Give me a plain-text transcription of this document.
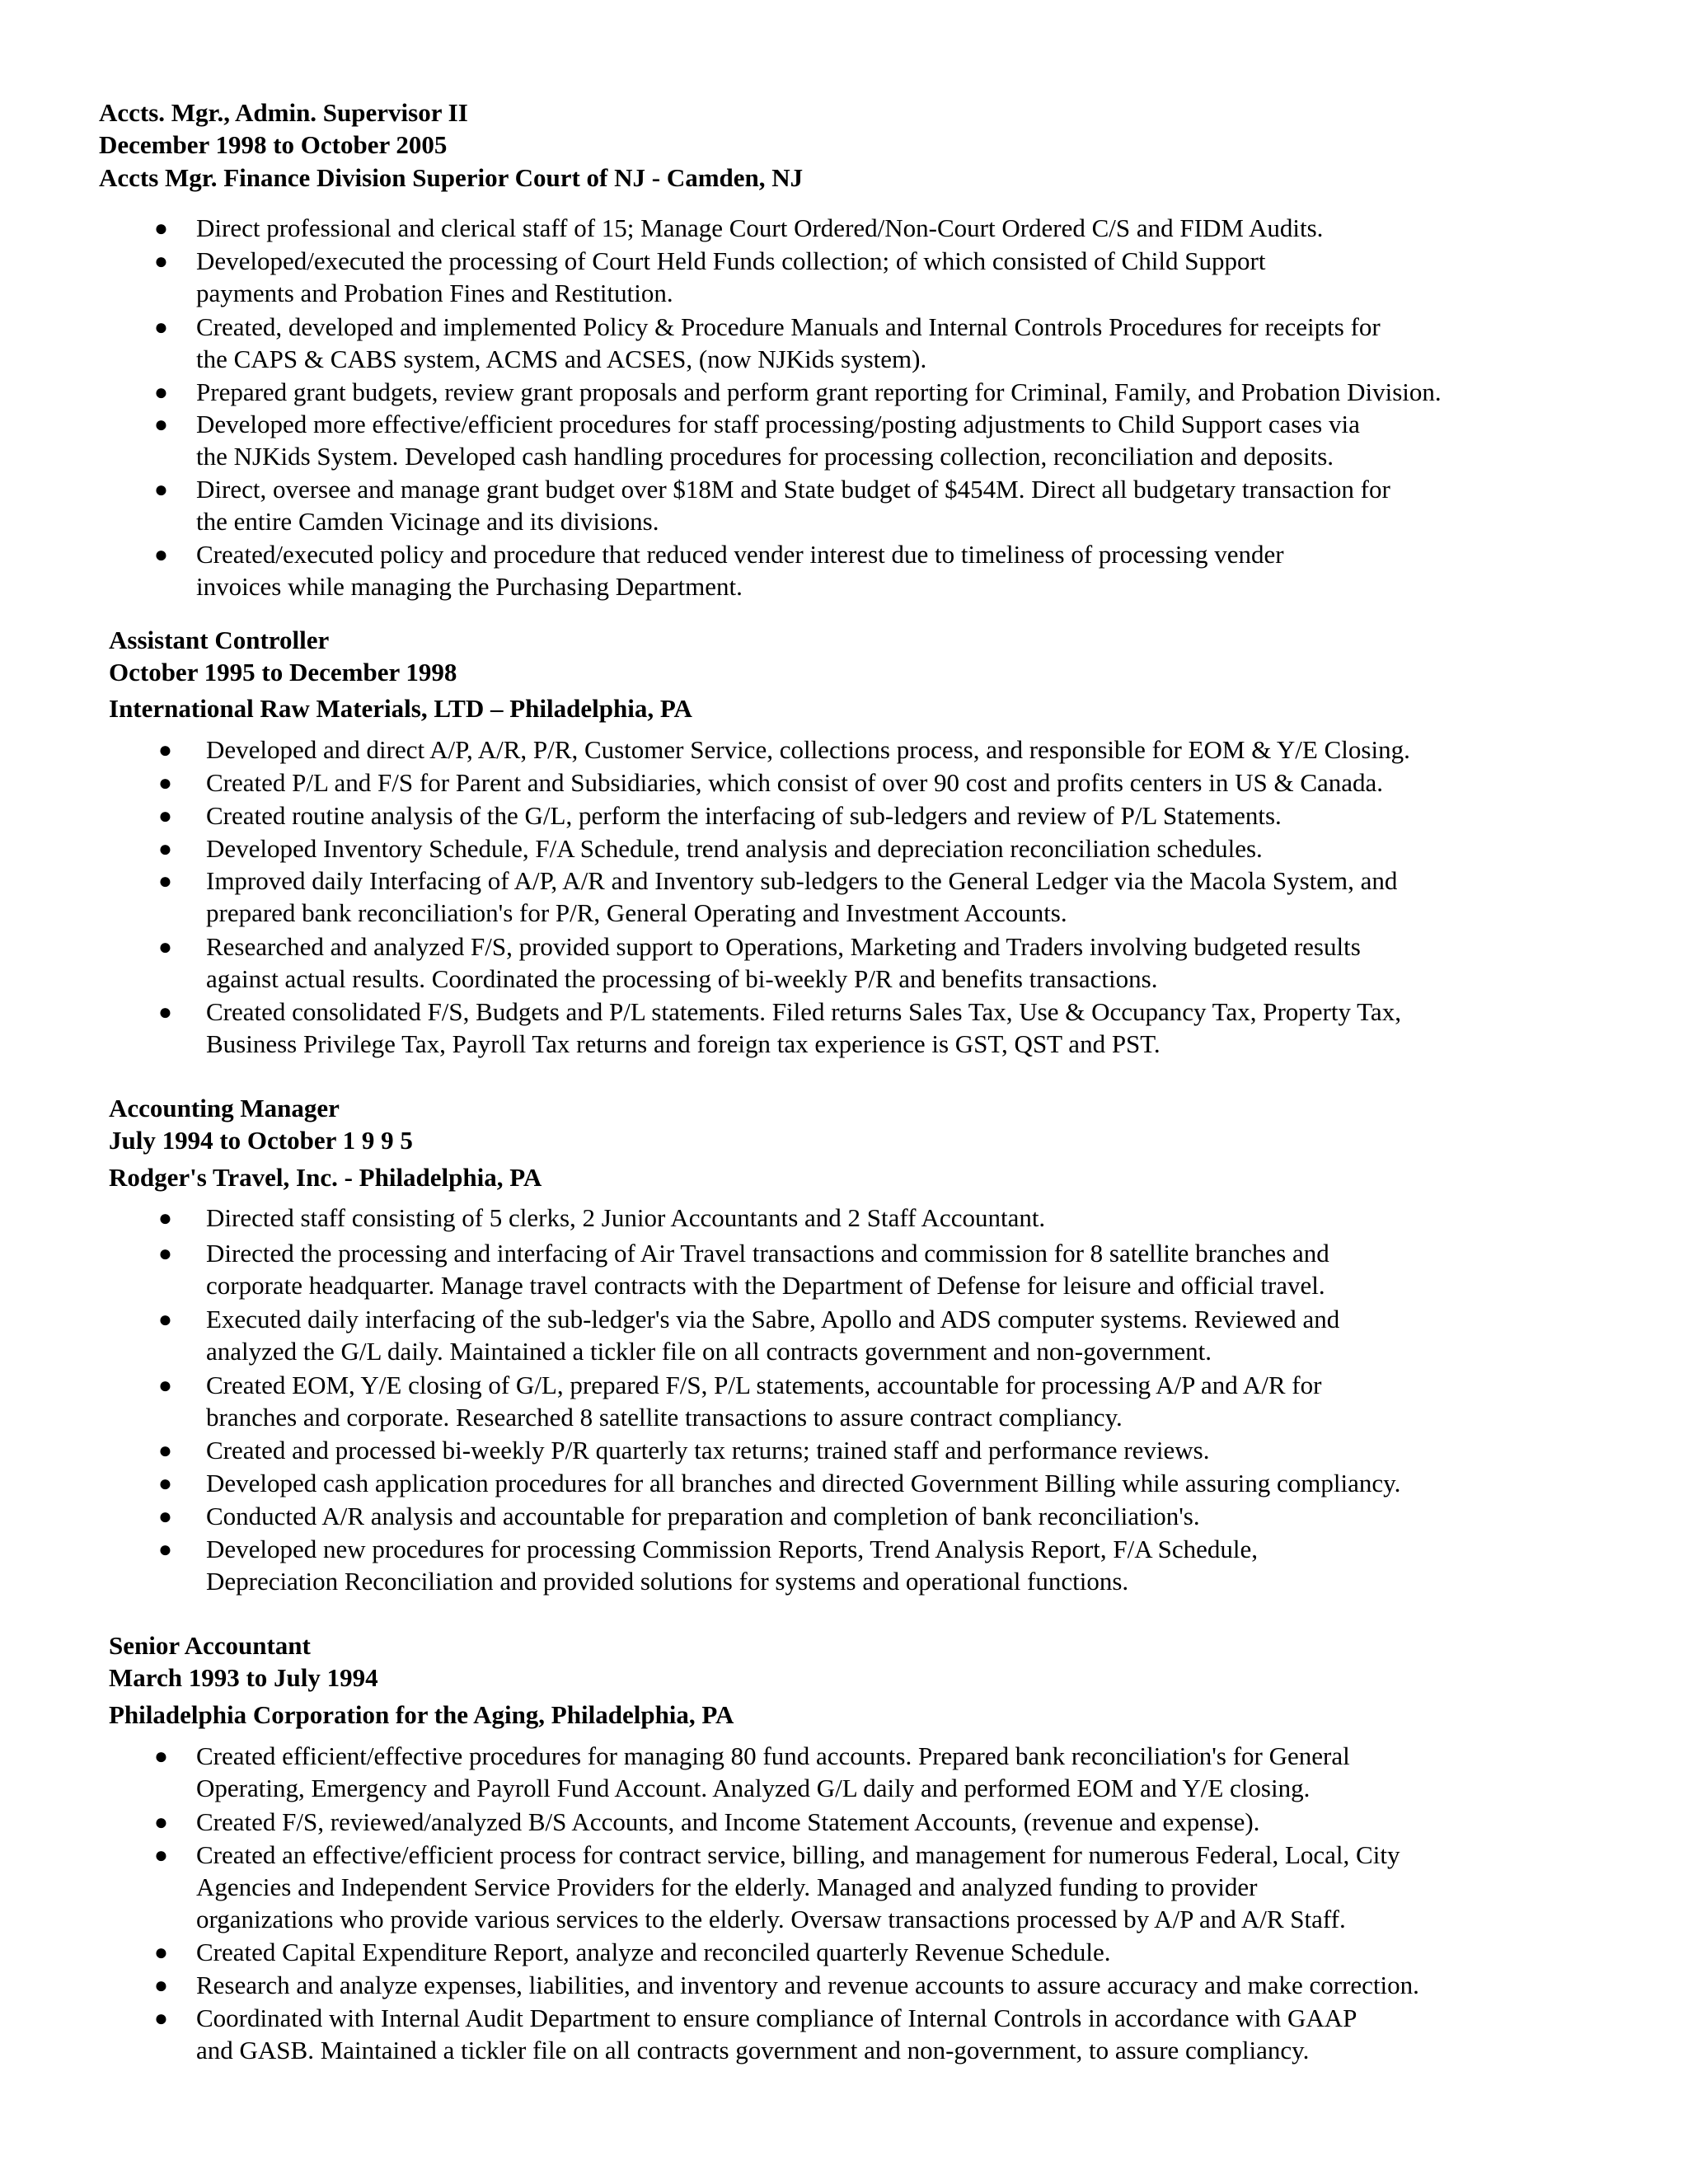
Accts. Mgr., Admin. Supervisor II
December 1998 to October 2005
Accts Mgr. Finance Division Superior Court of NJ - Camden, NJ
● Direct professional and clerical staff of 15; Manage Court Ordered/Non-Court Ordered C/S and FIDM Audits.
● Developed/executed the processing of Court Held Funds collection; of which consisted of Child Support
payments and Probation Fines and Restitution.
● Created, developed and implemented Policy & Procedure Manuals and Internal Controls Procedures for receipts for
the CAPS & CABS system, ACMS and ACSES, (now NJKids system).
● Prepared grant budgets, review grant proposals and perform grant reporting for Criminal, Family, and Probation Division.
● Developed more effective/efficient procedures for staff processing/posting adjustments to Child Support cases via
the NJKids System. Developed cash handling procedures for processing collection, reconciliation and deposits.
● Direct, oversee and manage grant budget over $18M and State budget of $454M. Direct all budgetary transaction for
the entire Camden Vicinage and its divisions.
● Created/executed policy and procedure that reduced vender interest due to timeliness of processing vender
invoices while managing the Purchasing Department.
Assistant Controller
October 1995 to December 1998
International Raw Materials, LTD – Philadelphia, PA
● Developed and direct A/P, A/R, P/R, Customer Service, collections process, and responsible for EOM & Y/E Closing.
● Created P/L and F/S for Parent and Subsidiaries, which consist of over 90 cost and profits centers in US & Canada.
● Created routine analysis of the G/L, perform the interfacing of sub-ledgers and review of P/L Statements.
● Developed Inventory Schedule, F/A Schedule, trend analysis and depreciation reconciliation schedules.
● Improved daily Interfacing of A/P, A/R and Inventory sub-ledgers to the General Ledger via the Macola System, and
prepared bank reconciliation's for P/R, General Operating and Investment Accounts.
● Researched and analyzed F/S, provided support to Operations, Marketing and Traders involving budgeted results
against actual results. Coordinated the processing of bi-weekly P/R and benefits transactions.
● Created consolidated F/S, Budgets and P/L statements. Filed returns Sales Tax, Use & Occupancy Tax, Property Tax,
Business Privilege Tax, Payroll Tax returns and foreign tax experience is GST, QST and PST.
Accounting Manager
July 1994 to October 1 9 9 5
Rodger's Travel, Inc. - Philadelphia, PA
● Directed staff consisting of 5 clerks, 2 Junior Accountants and 2 Staff Accountant.
● Directed the processing and interfacing of Air Travel transactions and commission for 8 satellite branches and
corporate headquarter. Manage travel contracts with the Department of Defense for leisure and official travel.
● Executed daily interfacing of the sub-ledger's via the Sabre, Apollo and ADS computer systems. Reviewed and
analyzed the G/L daily. Maintained a tickler file on all contracts government and non-government.
● Created EOM, Y/E closing of G/L, prepared F/S, P/L statements, accountable for processing A/P and A/R for
branches and corporate. Researched 8 satellite transactions to assure contract compliancy.
● Created and processed bi-weekly P/R quarterly tax returns; trained staff and performance reviews.
● Developed cash application procedures for all branches and directed Government Billing while assuring compliancy.
● Conducted A/R analysis and accountable for preparation and completion of bank reconciliation's.
● Developed new procedures for processing Commission Reports, Trend Analysis Report, F/A Schedule,
Depreciation Reconciliation and provided solutions for systems and operational functions.
Senior Accountant
March 1993 to July 1994
Philadelphia Corporation for the Aging, Philadelphia, PA
● Created efficient/effective procedures for managing 80 fund accounts. Prepared bank reconciliation's for General
Operating, Emergency and Payroll Fund Account. Analyzed G/L daily and performed EOM and Y/E closing.
● Created F/S, reviewed/analyzed B/S Accounts, and Income Statement Accounts, (revenue and expense).
● Created an effective/efficient process for contract service, billing, and management for numerous Federal, Local, City
Agencies and Independent Service Providers for the elderly. Managed and analyzed funding to provider
organizations who provide various services to the elderly. Oversaw transactions processed by A/P and A/R Staff.
● Created Capital Expenditure Report, analyze and reconciled quarterly Revenue Schedule.
● Research and analyze expenses, liabilities, and inventory and revenue accounts to assure accuracy and make correction.
● Coordinated with Internal Audit Department to ensure compliance of Internal Controls in accordance with GAAP
and GASB. Maintained a tickler file on all contracts government and non-government, to assure compliancy.
